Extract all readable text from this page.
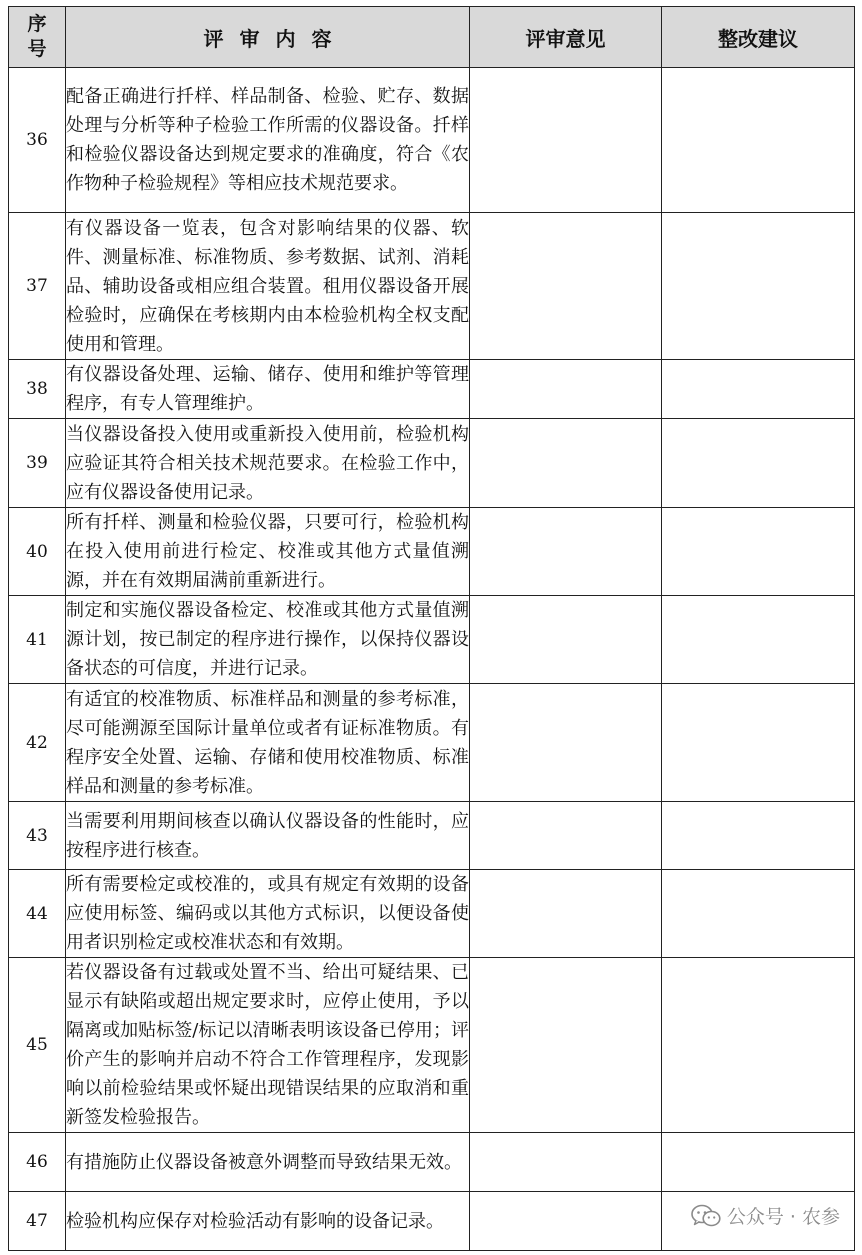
序
号	评审内容	评审意见	整改建议
36	配备正确进行扦样、样品制备、检验、贮存、数据处理与分析等种子检验工作所需的仪器设备。扦样和检验仪器设备达到规定要求的准确度，符合《农作物种子检验规程》等相应技术规范要求。		
37	有仪器设备一览表，包含对影响结果的仪器、软件、测量标准、标准物质、参考数据、试剂、消耗品、辅助设备或相应组合装置。租用仪器设备开展检验时，应确保在考核期内由本检验机构全权支配使用和管理。		
38	有仪器设备处理、运输、储存、使用和维护等管理程序，有专人管理维护。		
39	当仪器设备投入使用或重新投入使用前，检验机构应验证其符合相关技术规范要求。在检验工作中，应有仪器设备使用记录。		
40	所有扦样、测量和检验仪器，只要可行，检验机构在投入使用前进行检定、校准或其他方式量值溯源，并在有效期届满前重新进行。		
41	制定和实施仪器设备检定、校准或其他方式量值溯源计划，按已制定的程序进行操作，以保持仪器设备状态的可信度，并进行记录。		
42	有适宜的校准物质、标准样品和测量的参考标准，尽可能溯源至国际计量单位或者有证标准物质。有程序安全处置、运输、存储和使用校准物质、标准样品和测量的参考标准。		
43	当需要利用期间核查以确认仪器设备的性能时，应按程序进行核查。		
44	所有需要检定或校准的，或具有规定有效期的设备应使用标签、编码或以其他方式标识，以便设备使用者识别检定或校准状态和有效期。		
45	若仪器设备有过载或处置不当、给出可疑结果、已显示有缺陷或超出规定要求时，应停止使用，予以隔离或加贴标签/标记以清晰表明该设备已停用；评价产生的影响并启动不符合工作管理程序，发现影响以前检验结果或怀疑出现错误结果的应取消和重新签发检验报告。		
46	有措施防止仪器设备被意外调整而导致结果无效。		
47	检验机构应保存对检验活动有影响的设备记录。			公众号 · 农参
